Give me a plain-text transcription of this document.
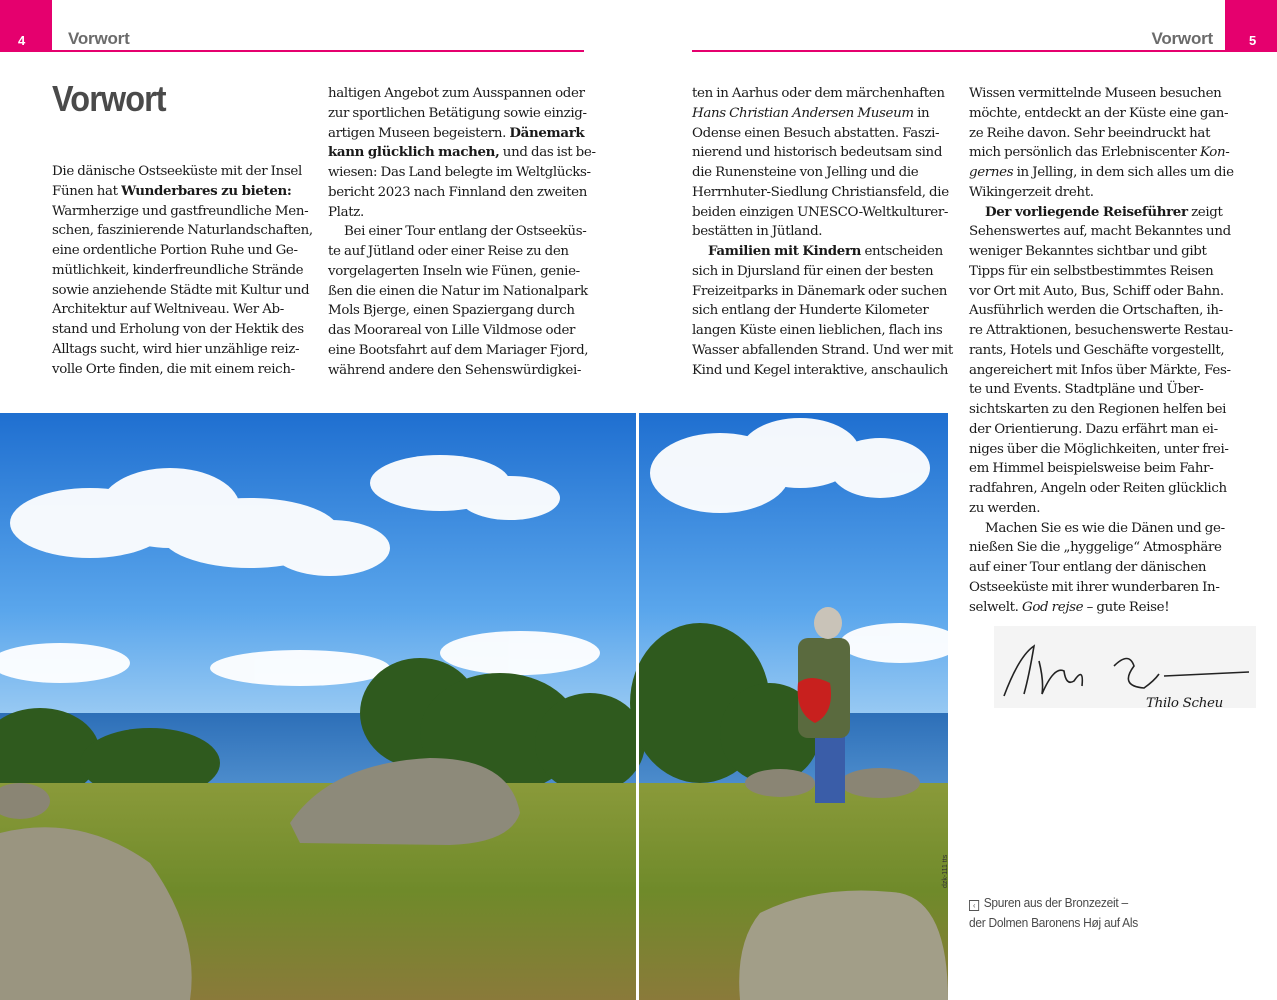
4	Vorwort	5
Vorwort
Vorwort
Die dänische Ostseeküste mit der Insel
Fünen hat Wunderbares zu bieten:
Warmherzige und gastfreundliche Men-
schen, faszinierende Naturlandschaften,
eine ordentliche Portion Ruhe und Ge-
mütlichkeit, kinderfreundliche Strände
sowie anziehende Städte mit Kultur und
Architektur auf Weltniveau. Wer Ab-
stand und Erholung von der Hektik des
Alltags sucht, wird hier unzählige reiz-
volle Orte finden, die mit einem reich-
haltigen Angebot zum Ausspannen oder
zur sportlichen Betätigung sowie einzig-
artigen Museen begeistern. Dänemark
kann glücklich machen, und das ist be-
wiesen: Das Land belegte im Weltglücks-
bericht 2023 nach Finnland den zweiten
Platz.
Bei einer Tour entlang der Ostseeküs-
te auf Jütland oder einer Reise zu den
vorgelagerten Inseln wie Fünen, genie-
ßen die einen die Natur im Nationalpark
Mols Bjerge, einen Spaziergang durch
das Moorareal von Lille Vildmose oder
eine Bootsfahrt auf dem Mariager Fjord,
während andere den Sehenswürdigkei-
ten in Aarhus oder dem märchenhaften
Hans Christian Andersen Museum in
Odense einen Besuch abstatten. Faszi-
nierend und historisch bedeutsam sind
die Runensteine von Jelling und die
Herrnhuter-Siedlung Christiansfeld, die
beiden einzigen UNESCO-Weltkulturer-
bestätten in Jütland.
Familien mit Kindern entscheiden
sich in Djursland für einen der besten
Freizeitparks in Dänemark oder suchen
sich entlang der Hunderte Kilometer
langen Küste einen lieblichen, flach ins
Wasser abfallenden Strand. Und wer mit
Kind und Kegel interaktive, anschaulich
Wissen vermittelnde Museen besuchen
möchte, entdeckt an der Küste eine gan-
ze Reihe davon. Sehr beeindruckt hat
mich persönlich das Erlebniscenter Kon-
gernes in Jelling, in dem sich alles um die
Wikingerzeit dreht.
Der vorliegende Reiseführer zeigt
Sehenswertes auf, macht Bekanntes und
weniger Bekanntes sichtbar und gibt
Tipps für ein selbstbestimmtes Reisen
vor Ort mit Auto, Bus, Schiff oder Bahn.
Ausführlich werden die Ortschaften, ih-
re Attraktionen, besuchenswerte Restau-
rants, Hotels und Geschäfte vorgestellt,
angereichert mit Infos über Märkte, Fes-
te und Events. Stadtpläne und Über-
sichtskarten zu den Regionen helfen bei
der Orientierung. Dazu erfährt man ei-
niges über die Möglichkeiten, unter frei-
em Himmel beispielsweise beim Fahr-
radfahren, Angeln oder Reiten glücklich
zu werden.
Machen Sie es wie die Dänen und ge-
nießen Sie die „hyggelige“ Atmosphäre
auf einer Tour entlang der dänischen
Ostseeküste mit ihrer wunderbaren In-
selwelt. God rejse – gute Reise!
dzk-111 tts
Thilo Scheu
‹ Spuren aus der Bronzezeit –
der Dolmen Baronens Høj auf Als
